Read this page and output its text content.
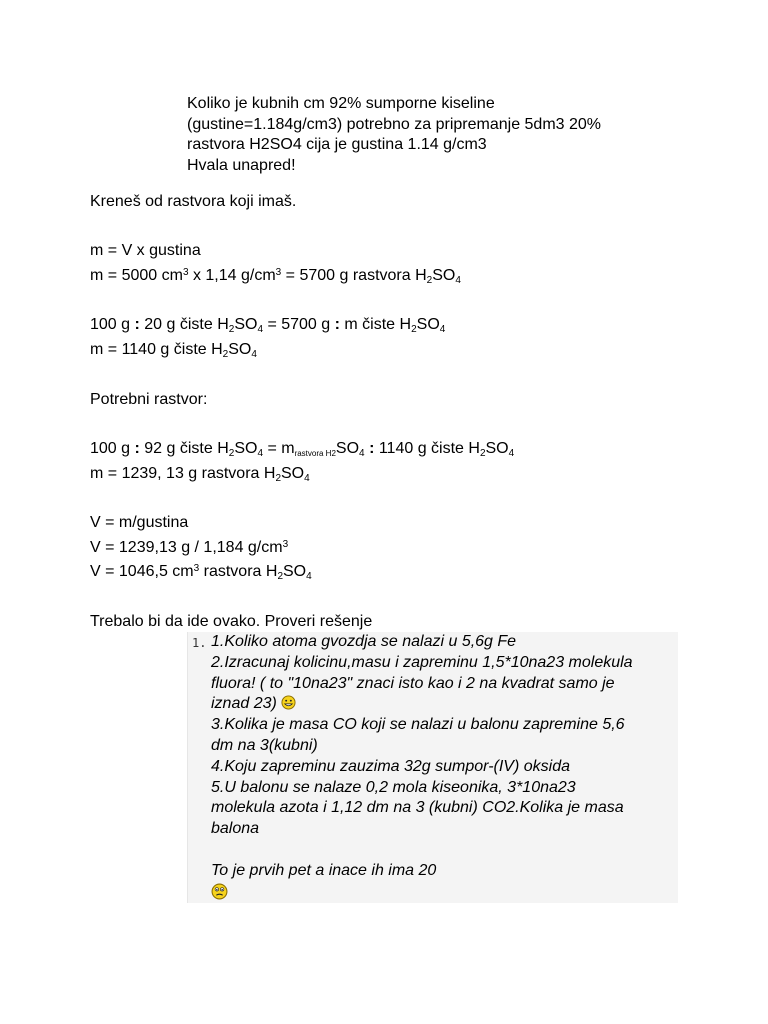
Koliko je kubnih cm 92% sumporne kiseline
(gustine=1.184g/cm3) potrebno za pripremanje 5dm3 20%
rastvora H2SO4 cija je gustina 1.14 g/cm3
Hvala unapred!
Kreneš od rastvora koji imaš.
m = V x gustina
m = 5000 $cm^3$ x 1,14 $g/cm^3 = 5700$ g rastvora $H_2SO_4$
100 g : 20 g čiste $H_2SO_4 = 5700$ g : m čiste $H_2SO_4$
m = 1140 g čiste $H_2SO_4$
Potrebni rastvor:
100 g : 92 g čiste $H_2SO_4$ = mrastvora $H2SO_4$ : 1140 g čiste $H_2SO_4$
m = 1239, 13 g rastvora $H_2SO_4$
V = m/gustina
V = 1239,13 g / 1,184 $g/cm^3$
V = 1046,5 $cm^3$ rastvora $H_2SO_4$
Trebalo bi da ide ovako. Proveri rešenje
1. 1.Koliko atoma gvozdja se nalazi u 5,6g Fe
2.Izracunaj kolicinu,masu i zapreminu 1,5*10na23 molekula
fluora! ( to "10na23" znaci isto kao i 2 na kvadrat samo je
iznad 23)
3.Kolika je masa CO koji se nalazi u balonu zapremine 5,6
dm na 3(kubni)
4.Koju zapreminu zauzima 32g sumpor-(IV) oksida
5.U balonu se nalaze 0,2 mola kiseonika, 3*10na23
molekula azota i 1,12 dm na 3 (kubni) CO2.Kolika je masa
balona

To je prvih pet a inace ih ima 20
